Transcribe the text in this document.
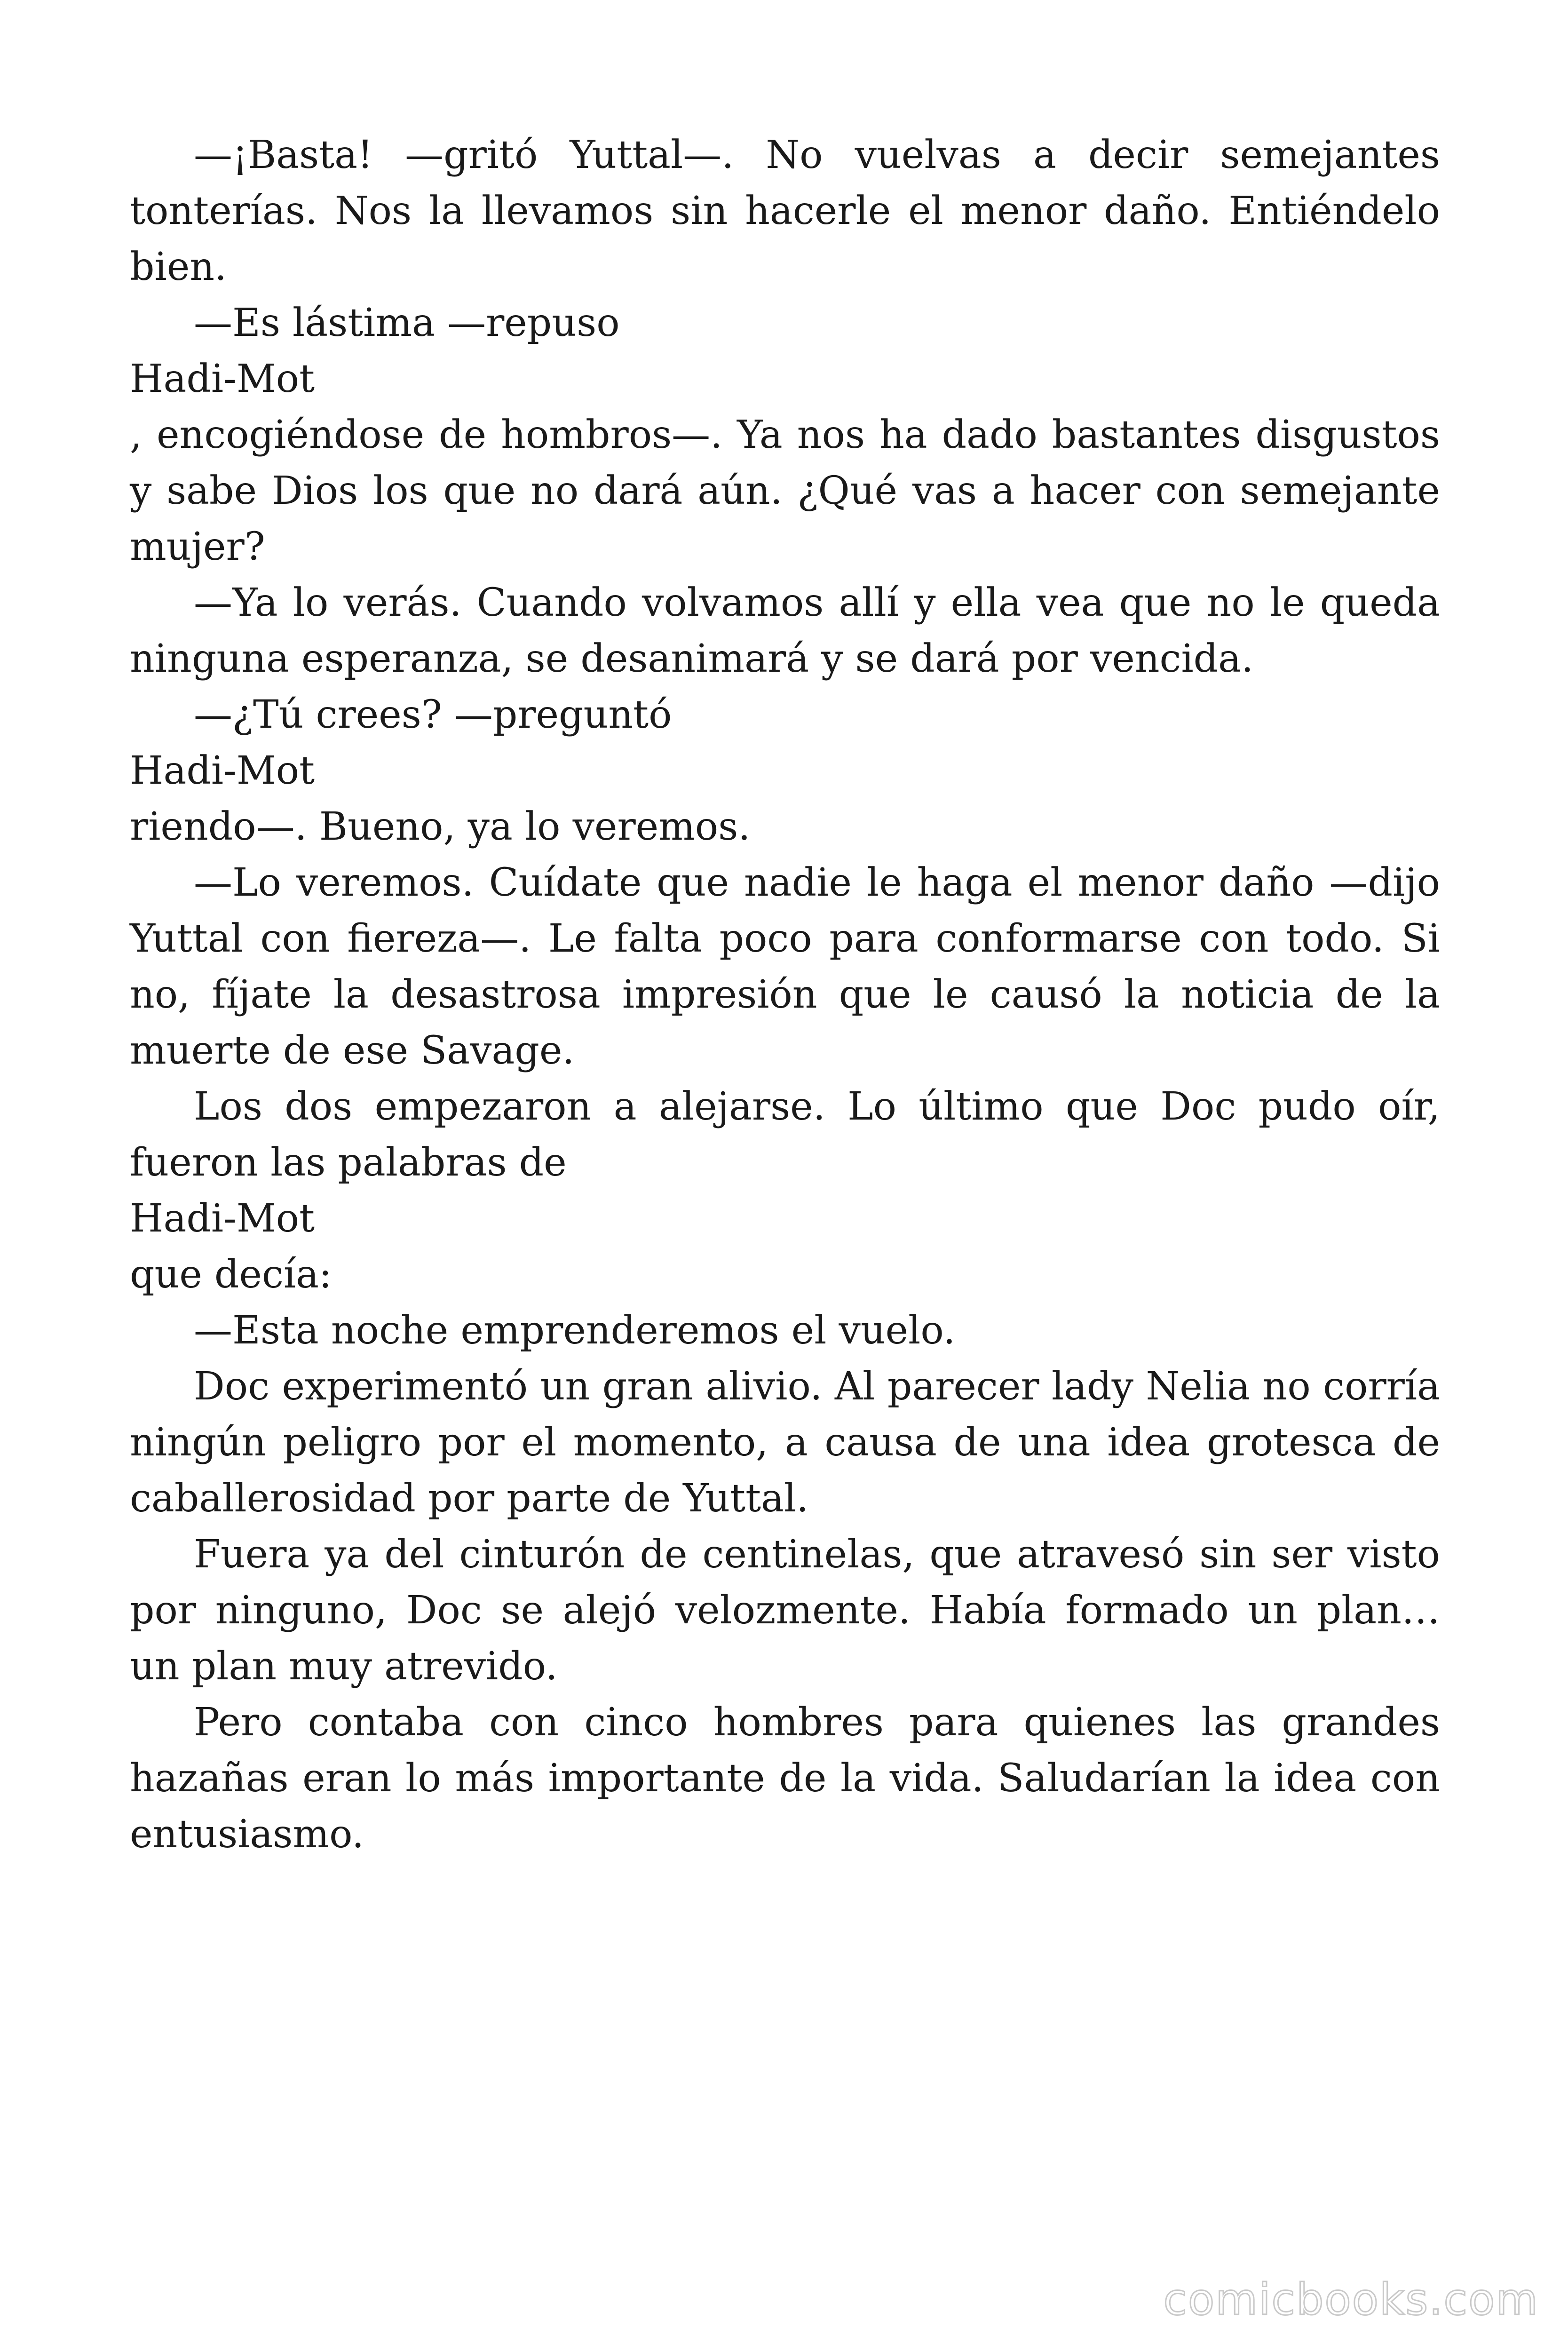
—¡Basta! —gritó Yuttal—. No vuelvas a decir semejantes tonterías. Nos la llevamos sin hacerle el menor daño. Entiéndelo bien.

—Es lástima —repuso

Hadi-Mot

, encogiéndose de hombros—. Ya nos ha dado bastantes disgustos y sabe Dios los que no dará aún. ¿Qué vas a hacer con semejante mujer?

—Ya lo verás. Cuando volvamos allí y ella vea que no le queda ninguna esperanza, se desanimará y se dará por vencida.

—¿Tú crees? —preguntó

Hadi-Mot

riendo—. Bueno, ya lo veremos.

—Lo veremos. Cuídate que nadie le haga el menor daño —dijo Yuttal con fiereza—. Le falta poco para conformarse con todo. Si no, fíjate la desastrosa impresión que le causó la noticia de la muerte de ese Savage.

Los dos empezaron a alejarse. Lo último que Doc pudo oír, fueron las palabras de

Hadi-Mot

que decía:

—Esta noche emprenderemos el vuelo.

Doc experimentó un gran alivio. Al parecer lady Nelia no corría ningún peligro por el momento, a causa de una idea grotesca de caballerosidad por parte de Yuttal.

Fuera ya del cinturón de centinelas, que atravesó sin ser visto por ninguno, Doc se alejó velozmente. Había formado un plan… un plan muy atrevido.

Pero contaba con cinco hombres para quienes las grandes hazañas eran lo más importante de la vida. Saludarían la idea con entusiasmo.

comicbooks.com
